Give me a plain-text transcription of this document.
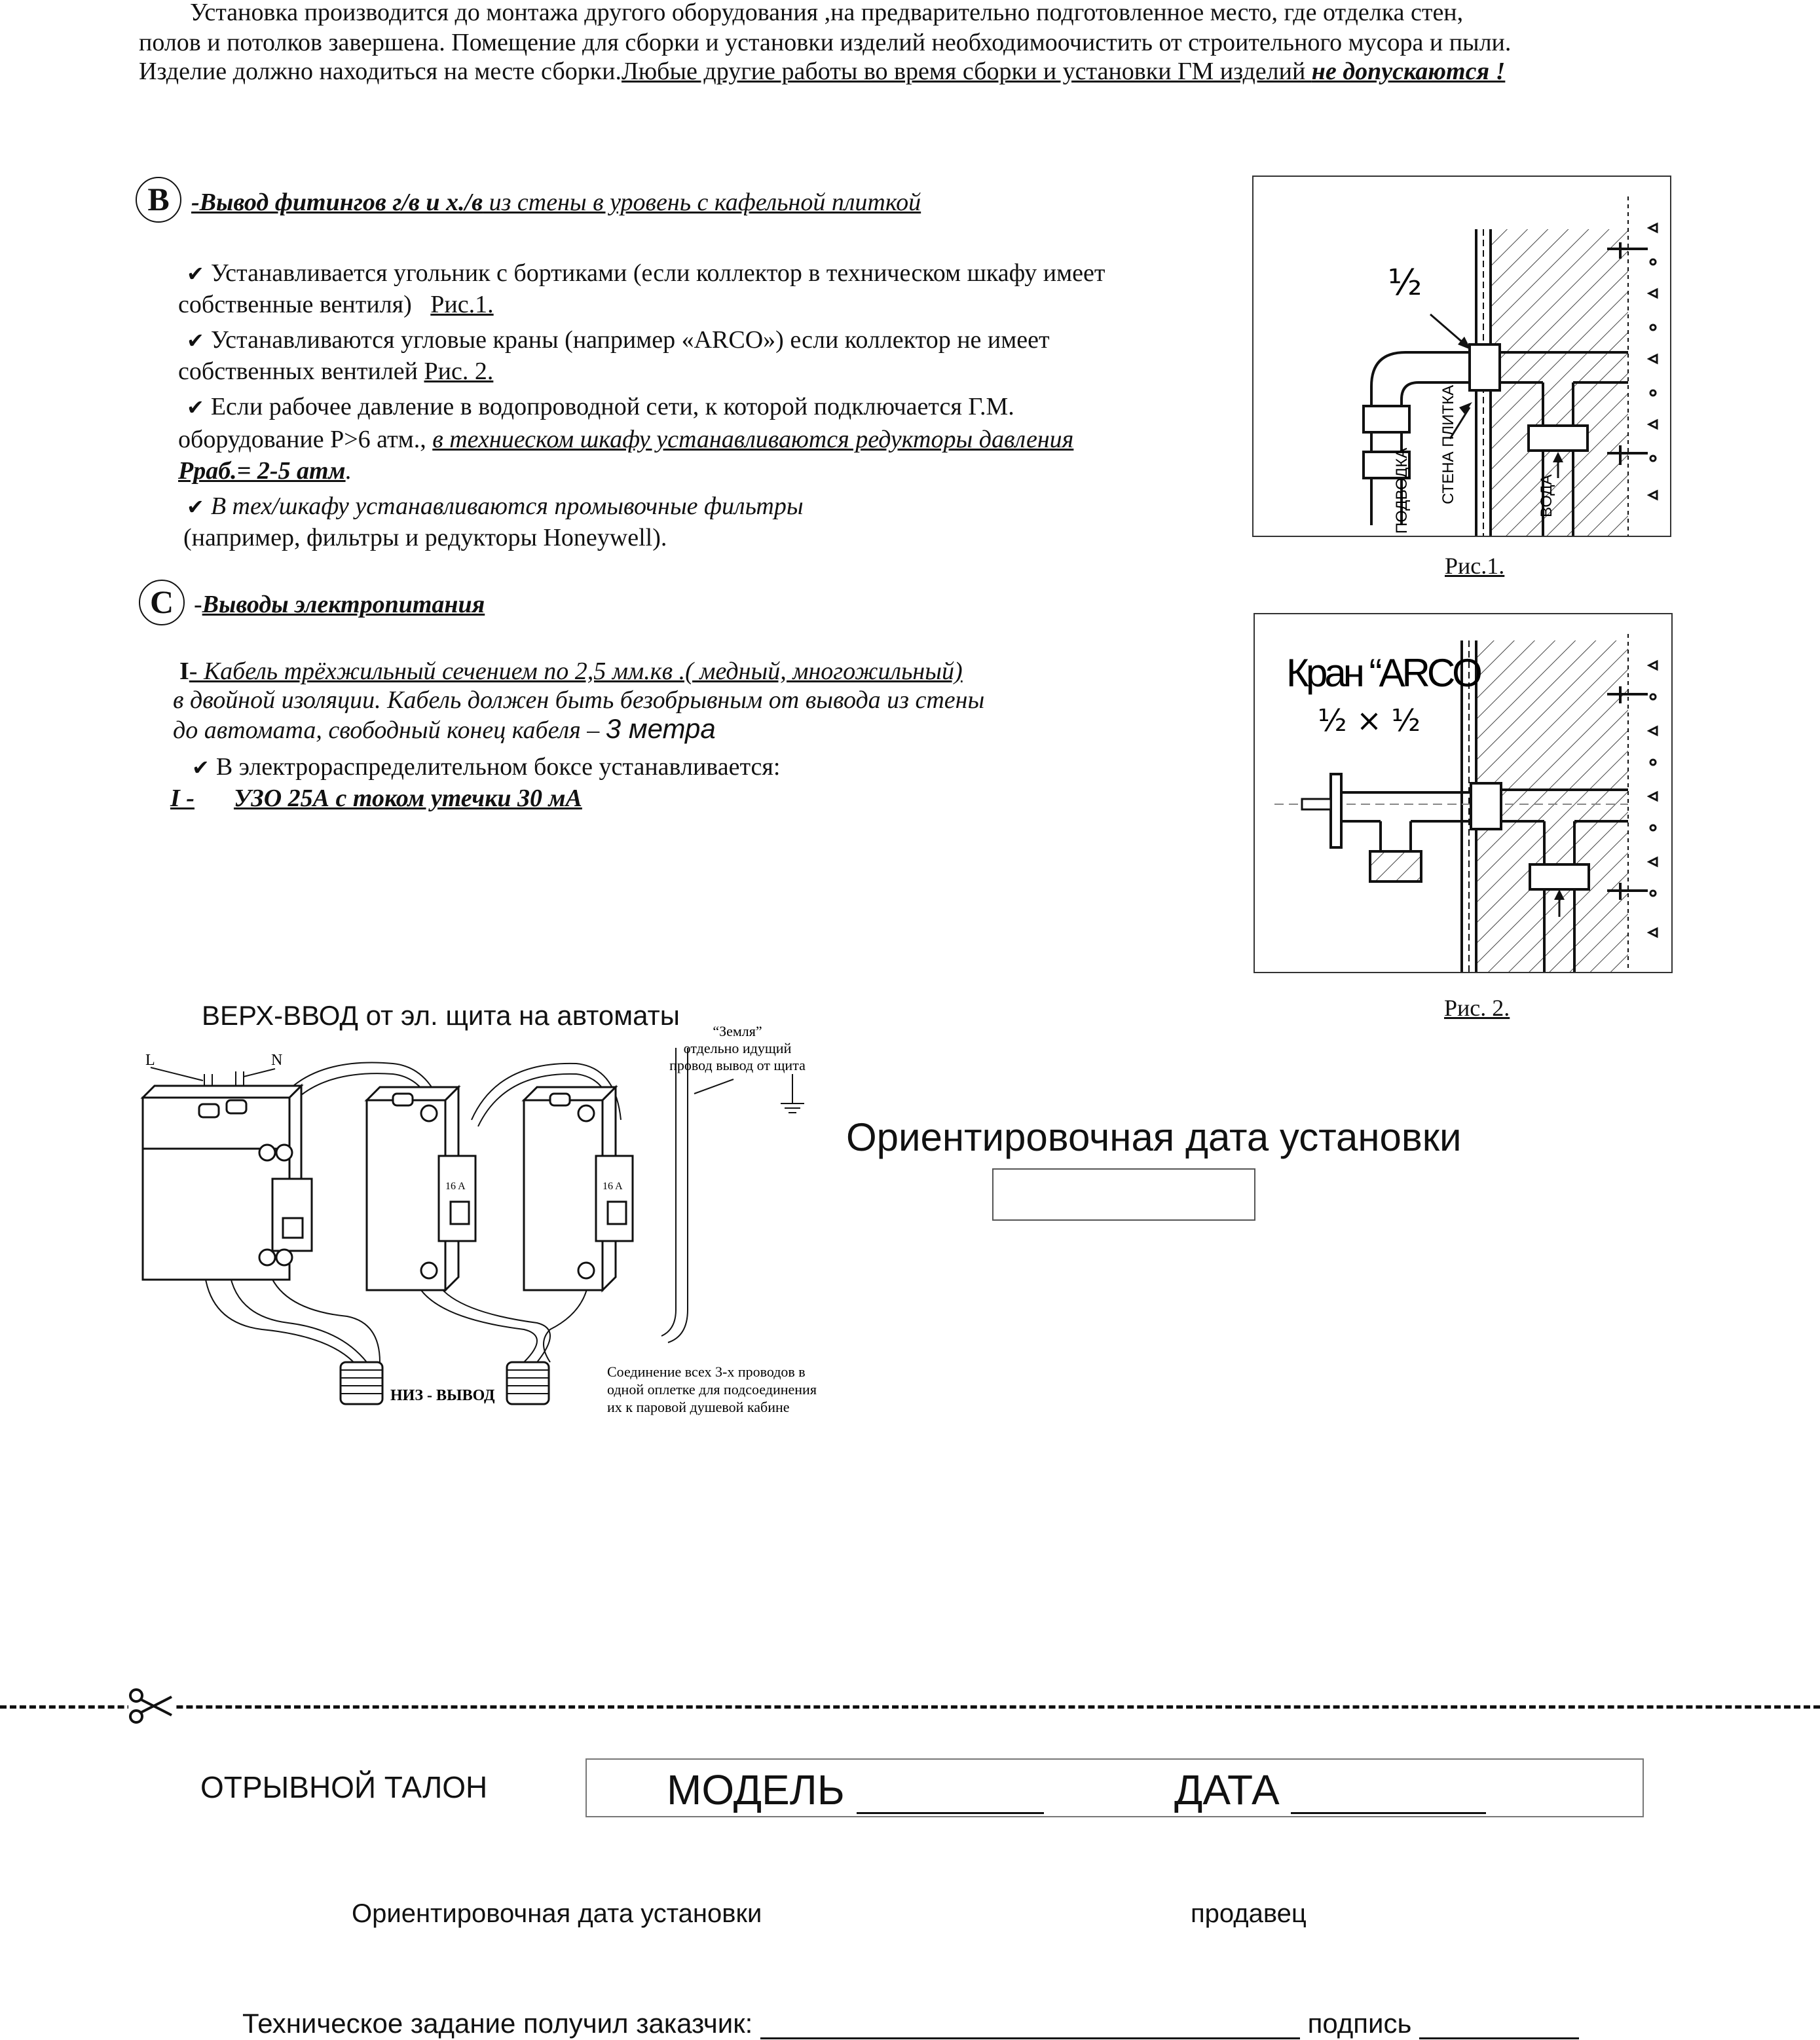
Установка производится до монтажа другого оборудования ,на предварительно подготовленное место, где отделка стен,
полов и потолков завершена. Помещение для сборки и установки изделий необходимоочистить от строительного мусора и пыли.
Изделие должно находиться на месте сборки.Любые другие работы во время сборки и установки ГМ изделий не допускаются !
B -Вывод фитингов г/в и х./в из стены в уровень с кафельной плиткой
✔ Устанавливается угольник с бортиками (если коллектор в техническом шкафу имеет
собственные вентиля) Рис.1.
✔ Устанавливаются угловые краны (например «ARCO») если коллектор не имеет
собственных вентилей Рис. 2.
✔ Если рабочее давление в водопроводной сети, к которой подключается Г.М.
оборудование Р>6 атм., в техниеском шкафу устанавливаются редукторы давления
Рраб.= 2-5 атм.
✔ В тех/шкафу устанавливаются промывочные фильтры
(например, фильтры и редукторы Honeywell).
C -Выводы электропитания
I- Кабель трёхжильный сечением по 2,5 мм.кв .( медный, многожильный)
в двойной изоляции. Кабель должен быть безобрывным от вывода из стены
до автомата, свободный конец кабеля – 3 метра
✔ В электрораспределительном боксе устанавливается:
I - УЗО 25А с током утечки 30 мА
½
ПОДВОДКА СТЕНА ПЛИТКА	ВОДА
Рис.1.
Кран “ARCO
½ × ½
Рис. 2.
ВЕРХ-ВВОД от эл. щита на автоматы
L	N
“Земля”
отдельно идущий
провод вывод от щита
16 A	16 A
НИЗ - ВЫВОД
Соединение всех 3-х проводов в
одной оплетке для подсоединения
их к паровой душевой кабине
Ориентировочная дата установки
ОТРЫВНОЙ ТАЛОН	МОДЕЛЬ	ДАТА
Ориентировочная дата установки	продавец
Техническое задание получил заказчик:	подпись
